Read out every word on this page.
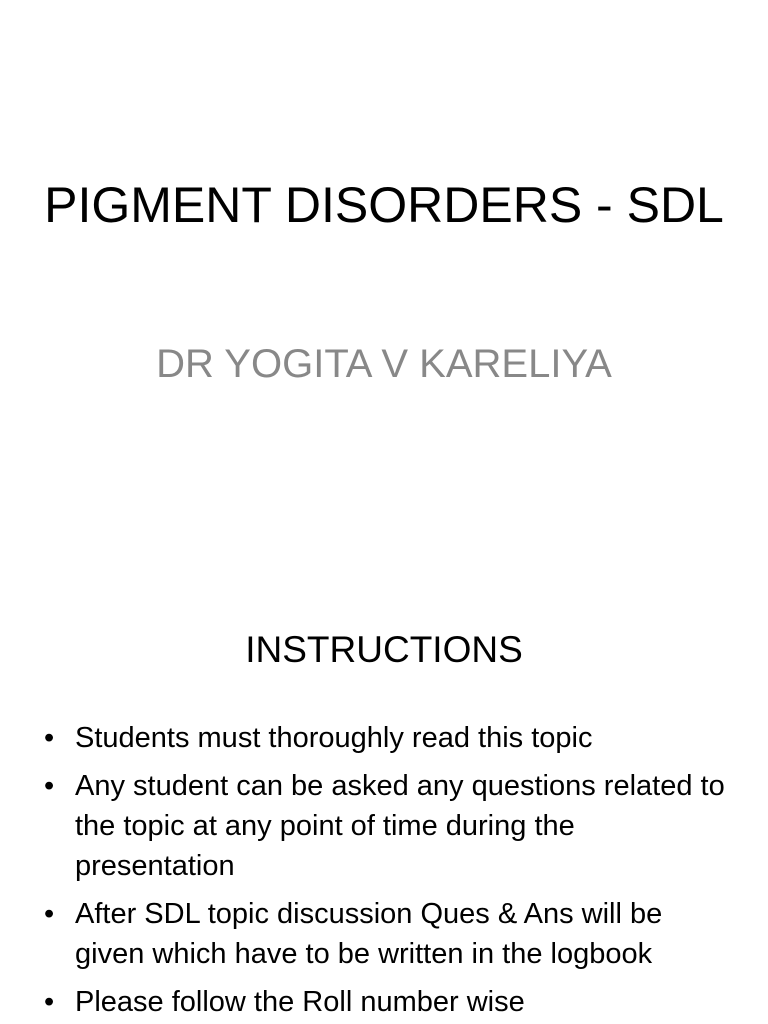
PIGMENT DISORDERS - SDL
DR YOGITA V KARELIYA
INSTRUCTIONS
• Students must thoroughly read this topic
• Any student can be asked any questions related to the topic at any point of time during the presentation
• After SDL topic discussion Ques & Ans will be given which have to be written in the logbook
• Please follow the Roll number wise
